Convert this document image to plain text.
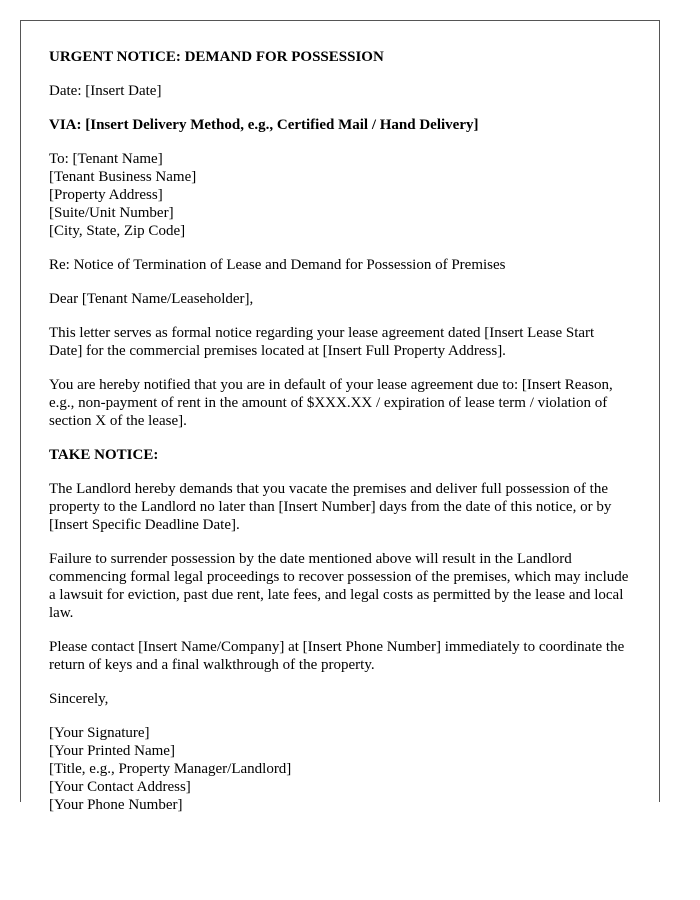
URGENT NOTICE: DEMAND FOR POSSESSION

Date: [Insert Date]

VIA: [Insert Delivery Method, e.g., Certified Mail / Hand Delivery]

To: [Tenant Name]
[Tenant Business Name]
[Property Address]
[Suite/Unit Number]
[City, State, Zip Code]

Re: Notice of Termination of Lease and Demand for Possession of Premises

Dear [Tenant Name/Leaseholder],

This letter serves as formal notice regarding your lease agreement dated [Insert Lease Start Date] for the commercial premises located at [Insert Full Property Address].

You are hereby notified that you are in default of your lease agreement due to: [Insert Reason, e.g., non-payment of rent in the amount of $XXX.XX / expiration of lease term / violation of section X of the lease].

TAKE NOTICE:

The Landlord hereby demands that you vacate the premises and deliver full possession of the property to the Landlord no later than [Insert Number] days from the date of this notice, or by [Insert Specific Deadline Date].

Failure to surrender possession by the date mentioned above will result in the Landlord commencing formal legal proceedings to recover possession of the premises, which may include a lawsuit for eviction, past due rent, late fees, and legal costs as permitted by the lease and local law.

Please contact [Insert Name/Company] at [Insert Phone Number] immediately to coordinate the return of keys and a final walkthrough of the property.

Sincerely,

[Your Signature]
[Your Printed Name]
[Title, e.g., Property Manager/Landlord]
[Your Contact Address]
[Your Phone Number]
